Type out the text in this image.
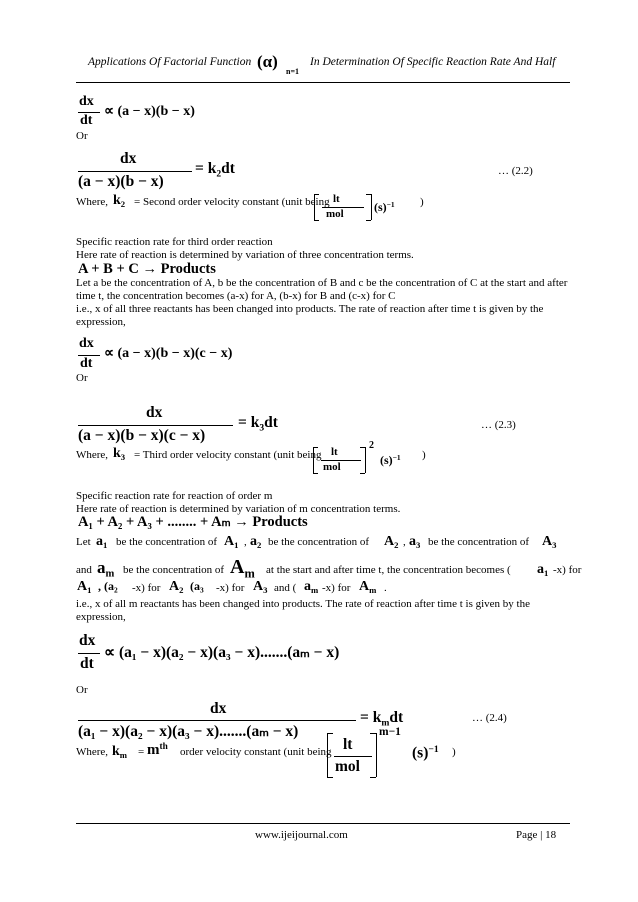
Applications Of Factorial Function (α)
n=1
In Determination Of Specific Reaction Rate And Half
dx
dt
∝ (a − x)(b − x)
Or
dx
(a − x)(b − x)
= $k_2dt$	… (2.2)
Where, $k_2$ = Second order velocity constant (unit being lt
mol	$(s)^{-1}$ )
Specific reaction rate for third order reaction
Here rate of reaction is determined by variation of three concentration terms.
A + B + C → Products
Let a be the concentration of A, b be the concentration of B and c be the concentration of C at the start and after
time t, the concentration becomes (a-x) for A, (b-x) for B and (c-x) for C
i.e., x of all three reactants has been changed into products. The rate of reaction after time t is given by the
expression,
dx
dt
∝ (a − x)(b − x)(c − x)
Or
dx
(a − x)(b − x)(c − x)
= $k_3dt$	… (2.3)
Where, $k_3$ = Third order velocity constant (unit being lt
mol
2
$(s)^{-1}$ )
Specific reaction rate for reaction of order m
Here rate of reaction is determined by variation of m concentration terms.
A₁ + A₂ + A₃ + ........ + Aₘ → Products
Let $a_1$ be the concentration of $A_1$ , $a_2$ be the concentration of $A_2$ , $a_3$ be the concentration of $A_3$
and $a_m$ be the concentration of $A_m$ at the start and after time t, the concentration becomes ( $a_1$ -x) for
$A_1$ , ($a_2$ -x) for $A_2$ ($a_3$ -x) for $A_3$ and ( $a_m$ -x) for $A_m$ .
i.e., x of all m reactants has been changed into products. The rate of reaction after time t is given by the
expression,
dx
dt
∝ (a₁ − x)(a₂ − x)(a₃ − x).......(aₘ − x)
Or
dx
(a₁ − x)(a₂ − x)(a₃ − x).......(aₘ − x)
= $k_mdt$	… (2.4)
Where, $k_m = m^{th}$ order velocity constant (unit being lt
mol
m−1
$(s)^{-1}$ )
www.ijeijournal.com	Page | 18
